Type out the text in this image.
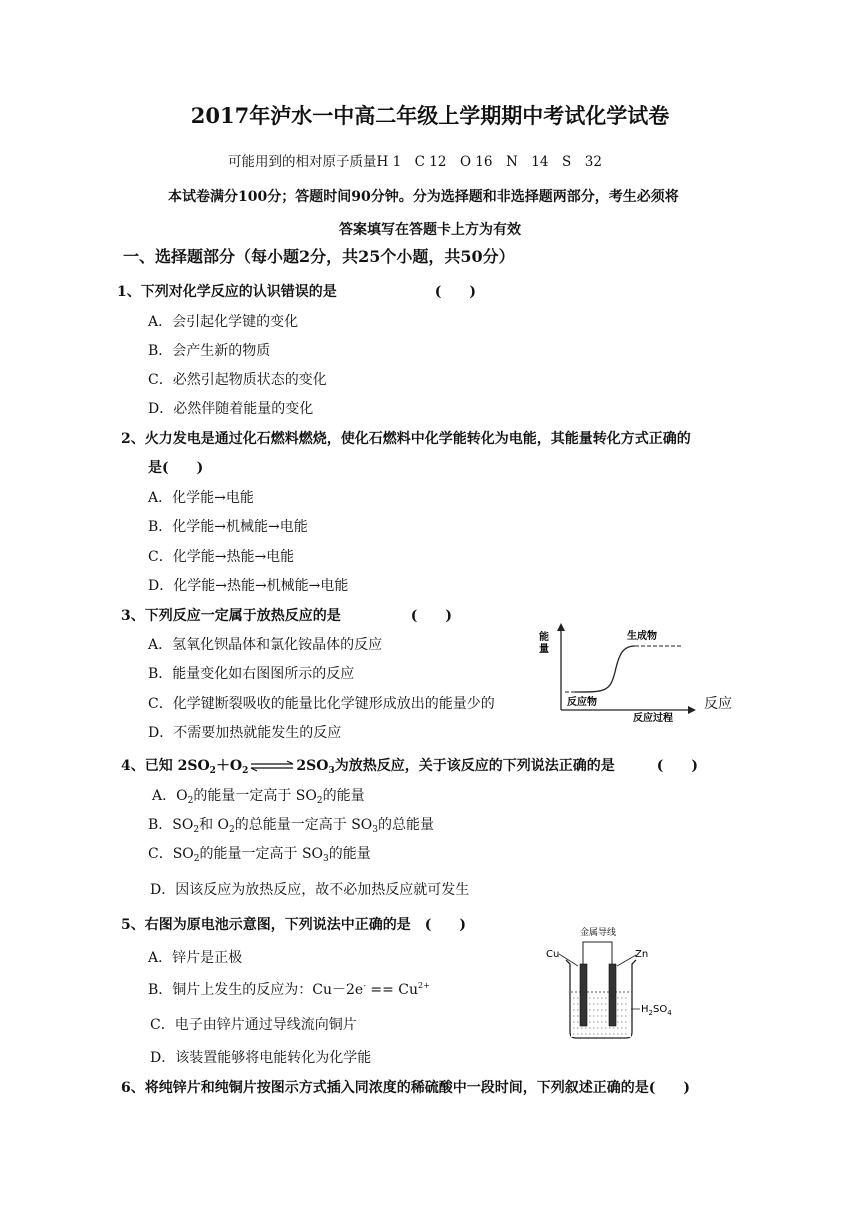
2017年泸水一中高二年级上学期期中考试化学试卷
可能用到的相对原子质量H 1　C 12　O 16　N　14　S　32
本试卷满分100分；答题时间90分钟。分为选择题和非选择题两部分，考生必须将
答案填写在答题卡上方为有效
一、选择题部分（每小题2分，共25个小题，共50分）
1、下列对化学反应的认识错误的是　　　　　　　(　　)
A．会引起化学键的变化
B．会产生新的物质
C．必然引起物质状态的变化
D．必然伴随着能量的变化
2、火力发电是通过化石燃料燃烧，使化石燃料中化学能转化为电能，其能量转化方式正确的
是(　　)
A．化学能→电能
B．化学能→机械能→电能
C．化学能→热能→电能
D．化学能→热能→机械能→电能
3、下列反应一定属于放热反应的是　　　　　(　　)
A．氢氧化钡晶体和氯化铵晶体的反应
B．能量变化如右图图所示的反应
C．化学键断裂吸收的能量比化学键形成放出的能量少的	反应
D．不需要加热就能发生的反应
能
量
生成物
反应物
反应过程
4、已知 $2SO_2+O_2\rightleftharpoons 2SO_3$为放热反应，关于该反应的下列说法正确的是　　　(　　)
A．$O_2$的能量一定高于 $SO_2$的能量
B．$SO_2$和 $O_2$的总能量一定高于 $SO_3$的总能量
C．$SO_2$的能量一定高于 $SO_3$的能量
D．因该反应为放热反应，故不必加热反应就可发生
5、右图为原电池示意图，下列说法中正确的是　(　　)
A．锌片是正极
B．铜片上发生的反应为：$Cu-2e^- == Cu^{2+}$
C．电子由锌片通过导线流向铜片
D．该装置能够将电能转化为化学能
金属导线
Cu	Zn
$H_2SO_4$
6、将纯锌片和纯铜片按图示方式插入同浓度的稀硫酸中一段时间，下列叙述正确的是(　　)
